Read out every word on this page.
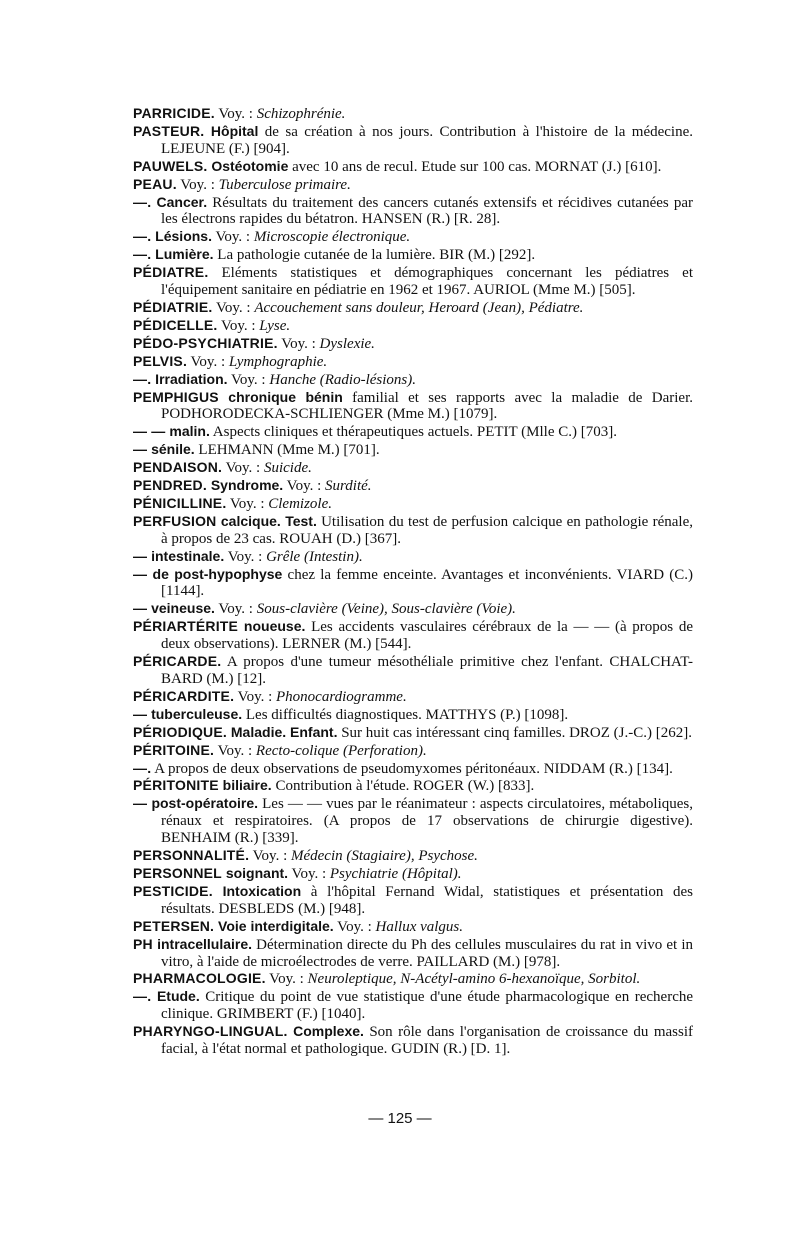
PARRICIDE. Voy. : Schizophrénie.
PASTEUR. Hôpital de sa création à nos jours. Contribution à l'histoire de la médecine. LEJEUNE (F.) [904].
PAUWELS. Ostéotomie avec 10 ans de recul. Etude sur 100 cas. MORNAT (J.) [610].
PEAU. Voy. : Tuberculose primaire.
—. Cancer. Résultats du traitement des cancers cutanés extensifs et récidives cutanées par les électrons rapides du bétatron. HANSEN (R.) [R. 28].
—. Lésions. Voy. : Microscopie électronique.
—. Lumière. La pathologie cutanée de la lumière. BIR (M.) [292].
PÉDIATRE. Eléments statistiques et démographiques concernant les pédiatres et l'équipement sanitaire en pédiatrie en 1962 et 1967. AURIOL (Mme M.) [505].
PÉDIATRIE. Voy. : Accouchement sans douleur, Heroard (Jean), Pédiatre.
PÉDICELLE. Voy. : Lyse.
PÉDO-PSYCHIATRIE. Voy. : Dyslexie.
PELVIS. Voy. : Lymphographie.
—. Irradiation. Voy. : Hanche (Radio-lésions).
PEMPHIGUS chronique bénin familial et ses rapports avec la maladie de Darier. PODHORODECKA-SCHLIENGER (Mme M.) [1079].
— — malin. Aspects cliniques et thérapeutiques actuels. PETIT (Mlle C.) [703].
— sénile. LEHMANN (Mme M.) [701].
PENDAISON. Voy. : Suicide.
PENDRED. Syndrome. Voy. : Surdité.
PÉNICILLINE. Voy. : Clemizole.
PERFUSION calcique. Test. Utilisation du test de perfusion calcique en pathologie rénale, à propos de 23 cas. ROUAH (D.) [367].
— intestinale. Voy. : Grêle (Intestin).
— de post-hypophyse chez la femme enceinte. Avantages et inconvénients. VIARD (C.) [1144].
— veineuse. Voy. : Sous-clavière (Veine), Sous-clavière (Voie).
PÉRIARTÉRITE noueuse. Les accidents vasculaires cérébraux de la — — (à propos de deux observations). LERNER (M.) [544].
PÉRICARDE. A propos d'une tumeur mésothéliale primitive chez l'enfant. CHALCHAT-BARD (M.) [12].
PÉRICARDITE. Voy. : Phonocardiogramme.
— tuberculeuse. Les difficultés diagnostiques. MATTHYS (P.) [1098].
PÉRIODIQUE. Maladie. Enfant. Sur huit cas intéressant cinq familles. DROZ (J.-C.) [262].
PÉRITOINE. Voy. : Recto-colique (Perforation).
—. A propos de deux observations de pseudomyxomes péritonéaux. NIDDAM (R.) [134].
PÉRITONITE biliaire. Contribution à l'étude. ROGER (W.) [833].
— post-opératoire. Les — — vues par le réanimateur : aspects circulatoires, métaboliques, rénaux et respiratoires. (A propos de 17 observations de chirurgie digestive). BENHAIM (R.) [339].
PERSONNALITÉ. Voy. : Médecin (Stagiaire), Psychose.
PERSONNEL soignant. Voy. : Psychiatrie (Hôpital).
PESTICIDE. Intoxication à l'hôpital Fernand Widal, statistiques et présentation des résultats. DESBLEDS (M.) [948].
PETERSEN. Voie interdigitale. Voy. : Hallux valgus.
PH intracellulaire. Détermination directe du Ph des cellules musculaires du rat in vivo et in vitro, à l'aide de microélectrodes de verre. PAILLARD (M.) [978].
PHARMACOLOGIE. Voy. : Neuroleptique, N-Acétyl-amino 6-hexanoïque, Sorbitol.
—. Etude. Critique du point de vue statistique d'une étude pharmacologique en recherche clinique. GRIMBERT (F.) [1040].
PHARYNGO-LINGUAL. Complexe. Son rôle dans l'organisation de croissance du massif facial, à l'état normal et pathologique. GUDIN (R.) [D. 1].
— 125 —
